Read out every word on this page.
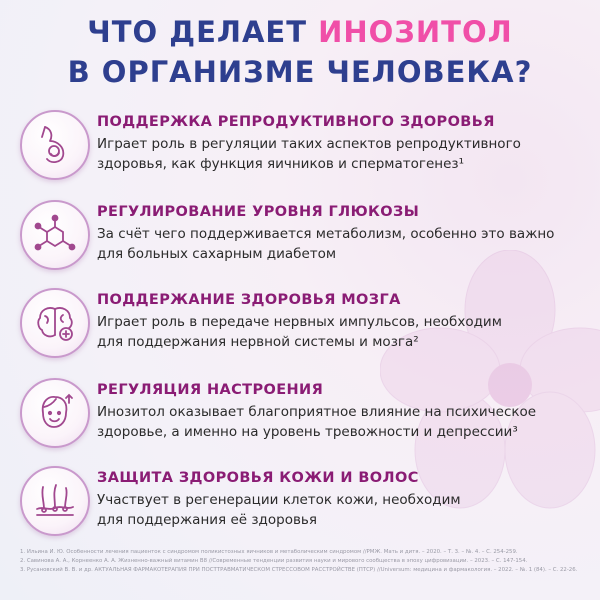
ЧТО ДЕЛАЕТ ИНОЗИТОЛ
В ОРГАНИЗМЕ ЧЕЛОВЕКА?
ПОДДЕРЖКА РЕПРОДУКТИВНОГО ЗДОРОВЬЯ
Играет роль в регуляции таких аспектов репродуктивного
здоровья, как функция яичников и сперматогенез¹
РЕГУЛИРОВАНИЕ УРОВНЯ ГЛЮКОЗЫ
За счёт чего поддерживается метаболизм, особенно это важно
для больных сахарным диабетом
ПОДДЕРЖАНИЕ ЗДОРОВЬЯ МОЗГА
Играет роль в передаче нервных импульсов, необходим
для поддержания нервной системы и мозга²
РЕГУЛЯЦИЯ НАСТРОЕНИЯ
Инозитол оказывает благоприятное влияние на психическое
здоровье, а именно на уровень тревожности и депрессии³
ЗАЩИТА ЗДОРОВЬЯ КОЖИ И ВОЛОС
Участвует в регенерации клеток кожи, необходим
для поддержания её здоровья
1. Ильина И. Ю. Особенности лечения пациенток с синдромом поликистозных яичников и метаболическим синдромом //РМЖ. Мать и дитя. – 2020. – Т. 3. – №. 4. – С. 254-259.
2. Савинова А. А., Корнеенко А. А. Жизненно-важный витамин В8 //Современные тенденции развития науки и мирового сообщества в эпоху цифровизации. – 2023. – С. 147-154.
3. Русановский В. В. и др. АКТУАЛЬНАЯ ФАРМАКОТЕРАПИЯ ПРИ ПОСТТРАВМАТИЧЕСКОМ СТРЕССОВОМ РАССТРОЙСТВЕ (ПТСР) //Universum: медицина и фармакология. – 2022. – №. 1 (84). – С. 22-26.
